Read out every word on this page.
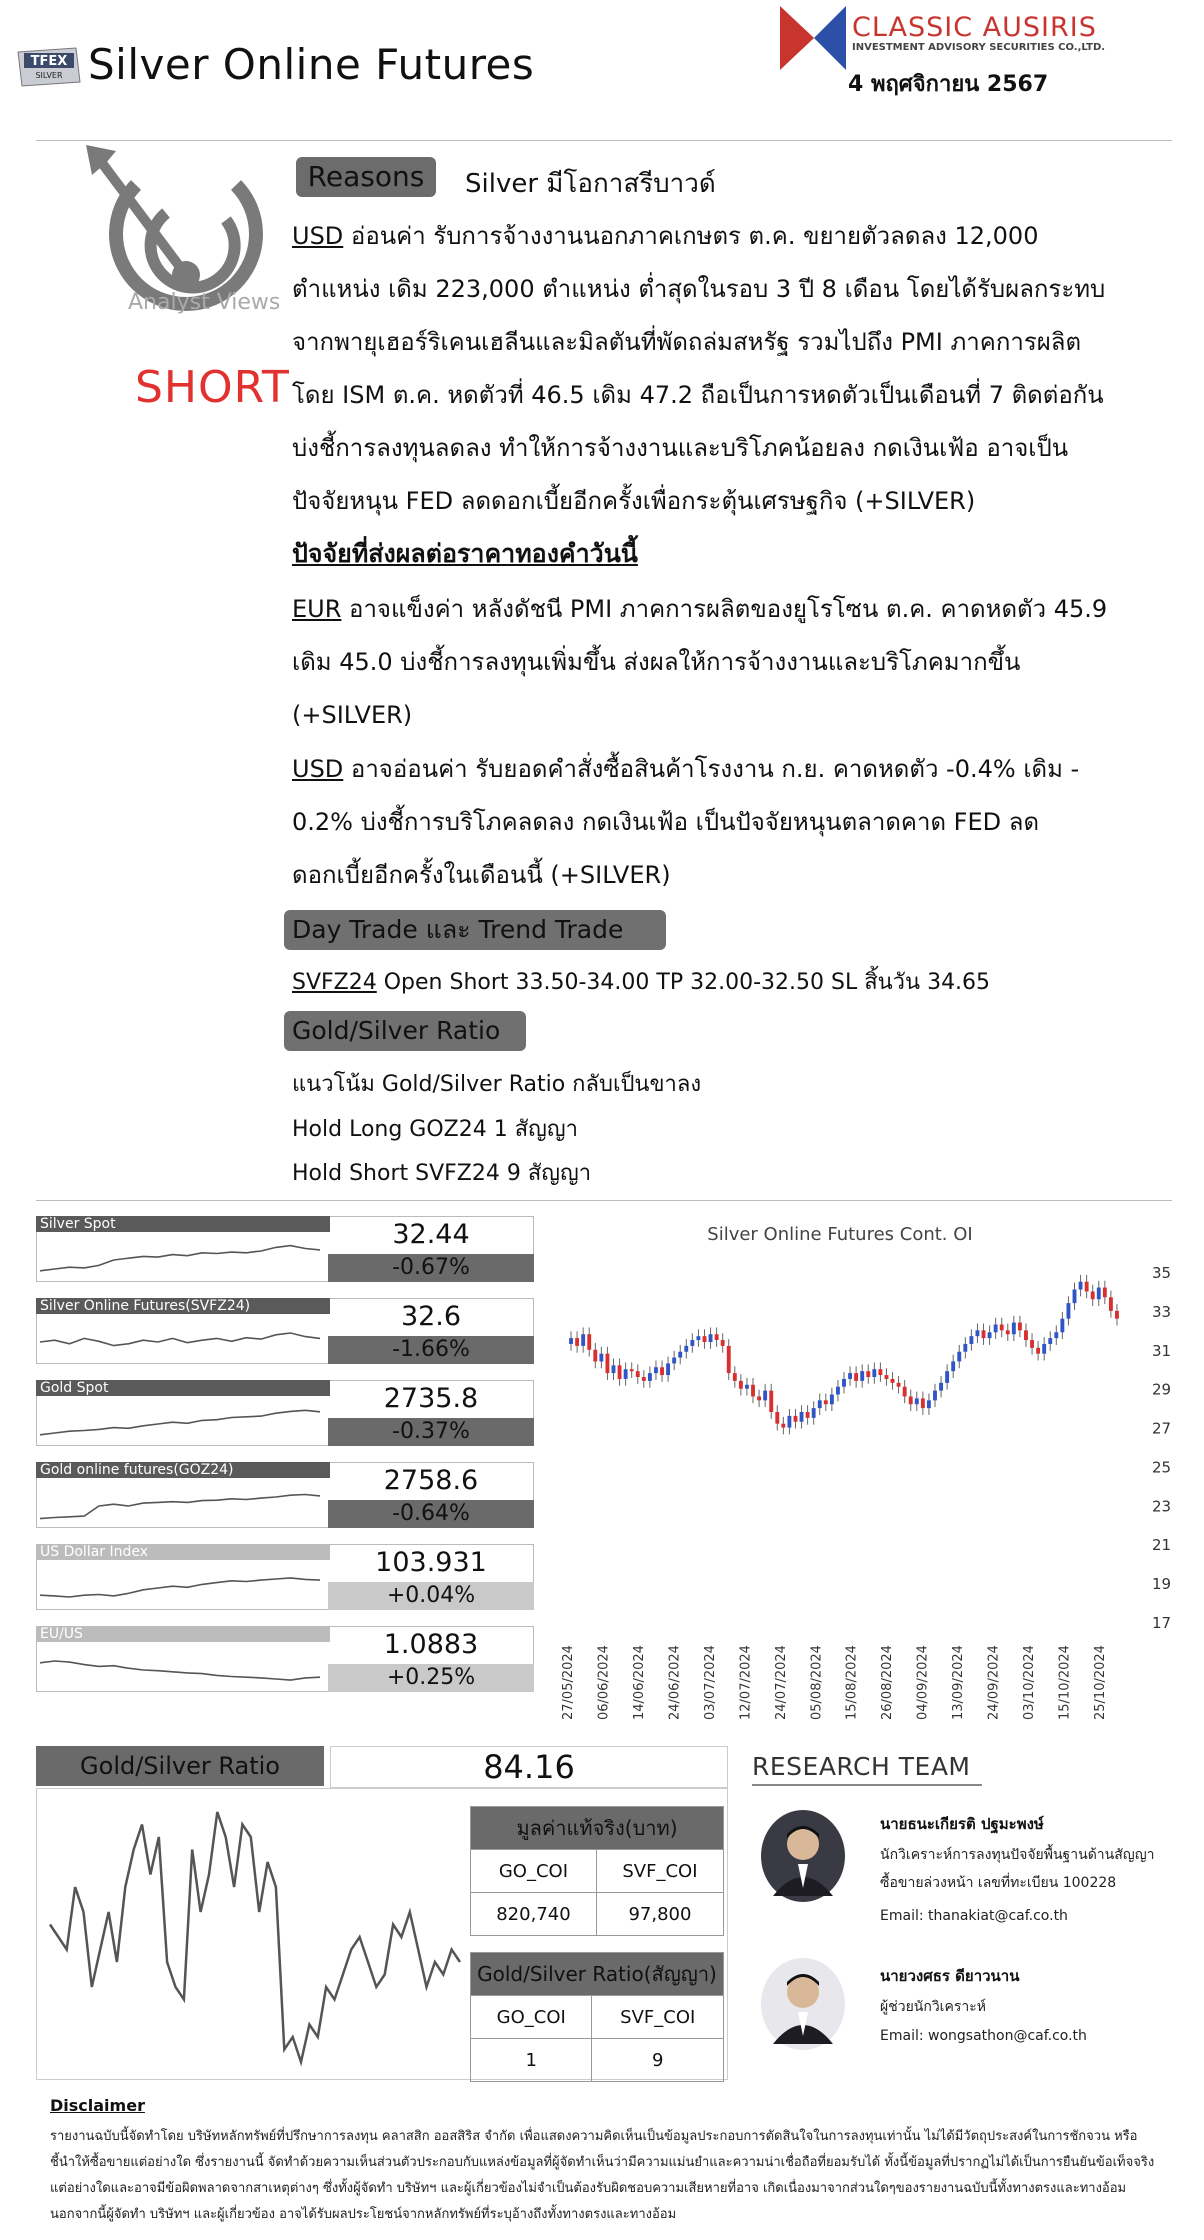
TFEX
SILVER Silver Online Futures
CLASSIC AUSIRIS
INVESTMENT ADVISORY SECURITIES CO.,LTD.
4 พฤศจิกายน 2567
Analyst Views
SHORT
Reasons	Silver มีโอกาสรีบาวด์
USD อ่อนค่า รับการจ้างงานนอกภาคเกษตร ต.ค. ขยายตัวลดลง 12,000
ตำแหน่ง เดิม 223,000 ตำแหน่ง ต่ำสุดในรอบ 3 ปี 8 เดือน โดยได้รับผลกระทบ
จากพายุเฮอร์ริเคนเฮลีนและมิลตันที่พัดถล่มสหรัฐ รวมไปถึง PMI ภาคการผลิต
โดย ISM ต.ค. หดตัวที่ 46.5 เดิม 47.2 ถือเป็นการหดตัวเป็นเดือนที่ 7 ติดต่อกัน
บ่งชี้การลงทุนลดลง ทำให้การจ้างงานและบริโภคน้อยลง กดเงินเฟ้อ อาจเป็น
ปัจจัยหนุน FED ลดดอกเบี้ยอีกครั้งเพื่อกระตุ้นเศรษฐกิจ (+SILVER)
ปัจจัยที่ส่งผลต่อราคาทองคำวันนี้
EUR อาจแข็งค่า หลังดัชนี PMI ภาคการผลิตของยูโรโซน ต.ค. คาดหดตัว 45.9
เดิม 45.0 บ่งชี้การลงทุนเพิ่มขึ้น ส่งผลให้การจ้างงานและบริโภคมากขึ้น
(+SILVER)
USD อาจอ่อนค่า รับยอดคำสั่งซื้อสินค้าโรงงาน ก.ย. คาดหดตัว -0.4% เดิม -
0.2% บ่งชี้การบริโภคลดลง กดเงินเฟ้อ เป็นปัจจัยหนุนตลาดคาด FED ลด
ดอกเบี้ยอีกครั้งในเดือนนี้ (+SILVER)
Day Trade และ Trend Trade
SVFZ24 Open Short 33.50-34.00 TP 32.00-32.50 SL สิ้นวัน 34.65
Gold/Silver Ratio
แนวโน้ม Gold/Silver Ratio กลับเป็นขาลง
Hold Long GOZ24 1 สัญญา
Hold Short SVFZ24 9 สัญญา
Silver Spot	32.44
-0.67%
Silver Online Futures(SVFZ24)	32.6
-1.66%
Gold Spot	2735.8
-0.37%
Gold online futures(GOZ24)	2758.6
-0.64%
US Dollar Index	103.931
+0.04%
EU/US	1.0883
+0.25%
Silver Online Futures Cont. OI
17
19
21
23
25
27
29
31
33
35
27/05/2024 06/06/2024 14/06/2024 24/06/2024 03/07/2024 12/07/2024 24/07/2024 05/08/2024 15/08/2024 26/08/2024 04/09/2024 13/09/2024 24/09/2024 03/10/2024 15/10/2024 25/10/2024
Gold/Silver Ratio	84.16
มูลค่าแท้จริง(บาท)	
GO_COI	SVF_COI
820,740	97,800
Gold/Silver Ratio(สัญญา)	
GO_COI	SVF_COI
1	9
RESEARCH TEAM
นายธนะเกียรติ ปฐมะพงษ์
นักวิเคราะห์การลงทุนปัจจัยพื้นฐานด้านสัญญา
ซื้อขายล่วงหน้า เลขที่ทะเบียน 100228
Email: thanakiat@caf.co.th
นายวงศธร ดียาวนาน
ผู้ช่วยนักวิเคราะห์
Email: wongsathon@caf.co.th
Disclaimer
รายงานฉบับนี้จัดทำโดย บริษัทหลักทรัพย์ที่ปรึกษาการลงทุน คลาสสิก ออสสิริส จำกัด เพื่อแสดงความคิดเห็นเป็นข้อมูลประกอบการตัดสินใจในการลงทุนเท่านั้น ไม่ได้มีวัตถุประสงค์ในการชักจวน หรือ
ชี้นำให้ซื้อขายแต่อย่างใด ซึ่งรายงานนี้ จัดทำด้วยความเห็นส่วนตัวประกอบกับแหล่งข้อมูลที่ผู้จัดทำเห็นว่ามีความแม่นยำและความน่าเชื่อถือที่ยอมรับได้ ทั้งนี้ข้อมูลที่ปรากฏไม่ได้เป็นการยืนยันข้อเท็จจริง
แต่อย่างใดและอาจมีข้อผิดพลาดจากสาเหตุต่างๆ ซึ่งทั้งผู้จัดทำ บริษัทฯ และผู้เกี่ยวข้องไม่จำเป็นต้องรับผิดชอบความเสียหายที่อาจ เกิดเนื่องมาจากส่วนใดๆของรายงานฉบับนี้ทั้งทางตรงและทางอ้อม
นอกจากนี้ผู้จัดทำ บริษัทฯ และผู้เกี่ยวข้อง อาจได้รับผลประโยชน์จากหลักทรัพย์ที่ระบุอ้างถึงทั้งทางตรงและทางอ้อม
